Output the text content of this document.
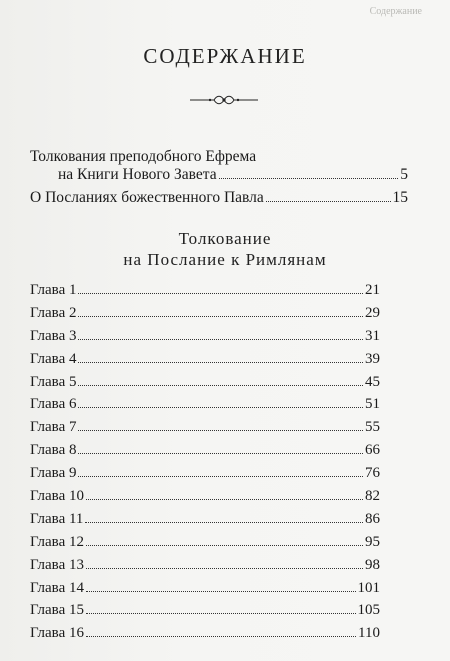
Содержание
СОДЕРЖАНИЕ
Толкования преподобного Ефрема
на Книги Нового Завета	5
О Посланиях божественного Павла	15
Толкование
на Послание к Римлянам
Глава 1	21
Глава 2	29
Глава 3	31
Глава 4	39
Глава 5	45
Глава 6	51
Глава 7	55
Глава 8	66
Глава 9	76
Глава 10	82
Глава 11	86
Глава 12	95
Глава 13	98
Глава 14	101
Глава 15	105
Глава 16	110
